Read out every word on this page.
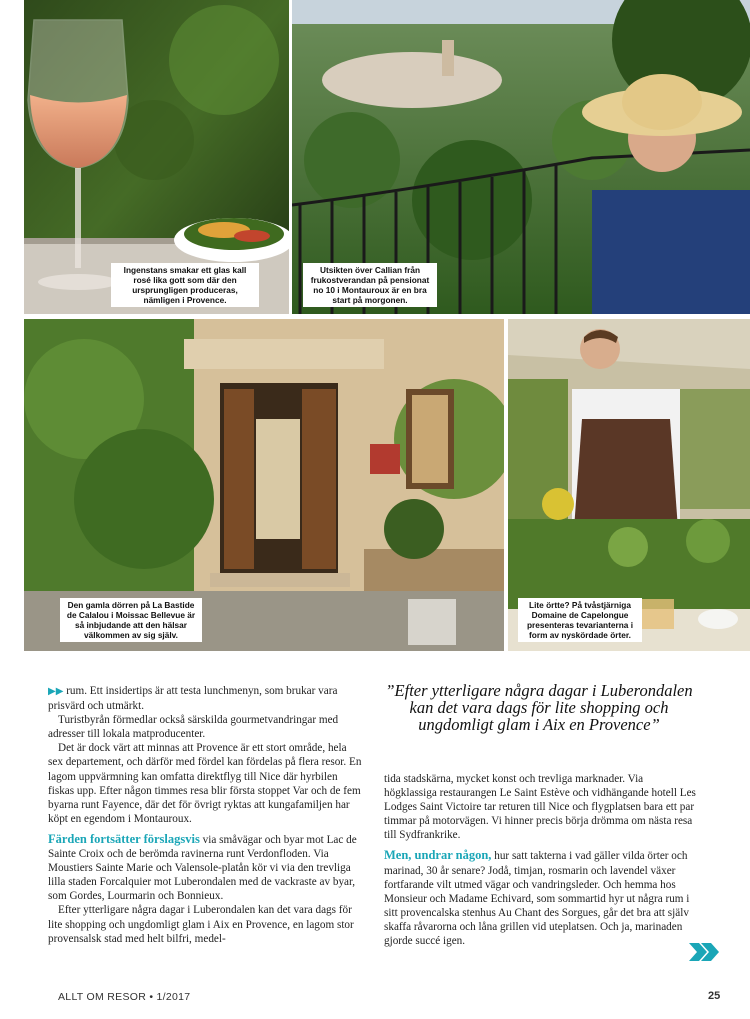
Ingenstans smakar ett glas kall rosé lika gott som där den ursprungligen produceras, nämligen i Provence.
Utsikten över Callian från frukostverandan på pensionat no 10 i Montauroux är en bra start på morgonen.
Den gamla dörren på La Bastide de Calalou i Moissac Bellevue är så inbjudande att den hälsar välkommen av sig själv.
Lite örtte? På tvåstjärniga Domaine de Capelongue presenteras tevarianterna i form av nyskördade örter.

▶▶ rum. Ett insidertips är att testa lunchmenyn, som brukar vara prisvärd och utmärkt.

Turistbyrån förmedlar också särskilda gourmetvandringar med adresser till lokala matproducenter.

Det är dock värt att minnas att Provence är ett stort område, hela sex departement, och därför med fördel kan fördelas på flera resor. En lagom uppvärmning kan omfatta direktflyg till Nice där hyrbilen fiskas upp. Efter någon timmes resa blir första stoppet Var och de fem byarna runt Fayence, där det för övrigt ryktas att kungafamiljen har köpt en egendom i Montauroux.

Färden fortsätter förslagsvis via småvägar och byar mot Lac de Sainte Croix och de berömda ravinerna runt Verdonfloden. Via Moustiers Sainte Marie och Valensole-platån kör vi via den trevliga lilla staden Forcalquier mot Luberondalen med de vackraste av byar, som Gordes, Lourmarin och Bonnieux.

Efter ytterligare några dagar i Luberondalen kan det vara dags för lite shopping och ungdomligt glam i Aix en Provence, en lagom stor provensalsk stad med helt bilfri, medel-

”Efter ytterligare några dagar i Luberondalen kan det vara dags för lite shopping och ungdomligt glam i Aix en Provence”

tida stadskärna, mycket konst och trevliga marknader. Via högklassiga restaurangen Le Saint Estève och vidhängande hotell Les Lodges Saint Victoire tar returen till Nice och flygplatsen bara ett par timmar på motorvägen. Vi hinner precis börja drömma om nästa resa till Sydfrankrike.

Men, undrar någon, hur satt takterna i vad gäller vilda örter och marinad, 30 år senare? Jodå, timjan, rosmarin och lavendel växer fortfarande vilt utmed vägar och vandringsleder. Och hemma hos Monsieur och Madame Echivard, som sommartid hyr ut några rum i sitt provencalska stenhus Au Chant des Sorgues, går det bra att själv skaffa råvarorna och låna grillen vid uteplatsen. Och ja, marinaden gjorde succé igen.

ALLT OM RESOR • 1/2017	25
